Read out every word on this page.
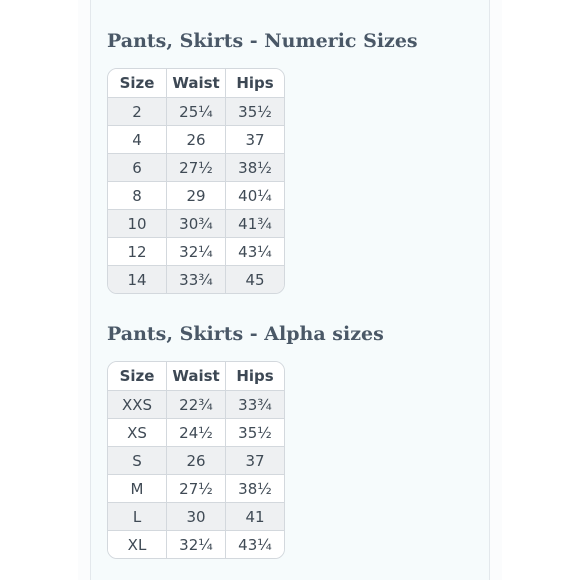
Pants, Skirts - Numeric Sizes
Size	Waist	Hips
2	25¼	35½
4	26	37
6	27½	38½
8	29	40¼
10	30¾	41¾
12	32¼	43¼
14	33¾	45
Pants, Skirts - Alpha sizes
Size	Waist	Hips
XXS	22¾	33¾
XS	24½	35½
S	26	37
M	27½	38½
L	30	41
XL	32¼	43¼
